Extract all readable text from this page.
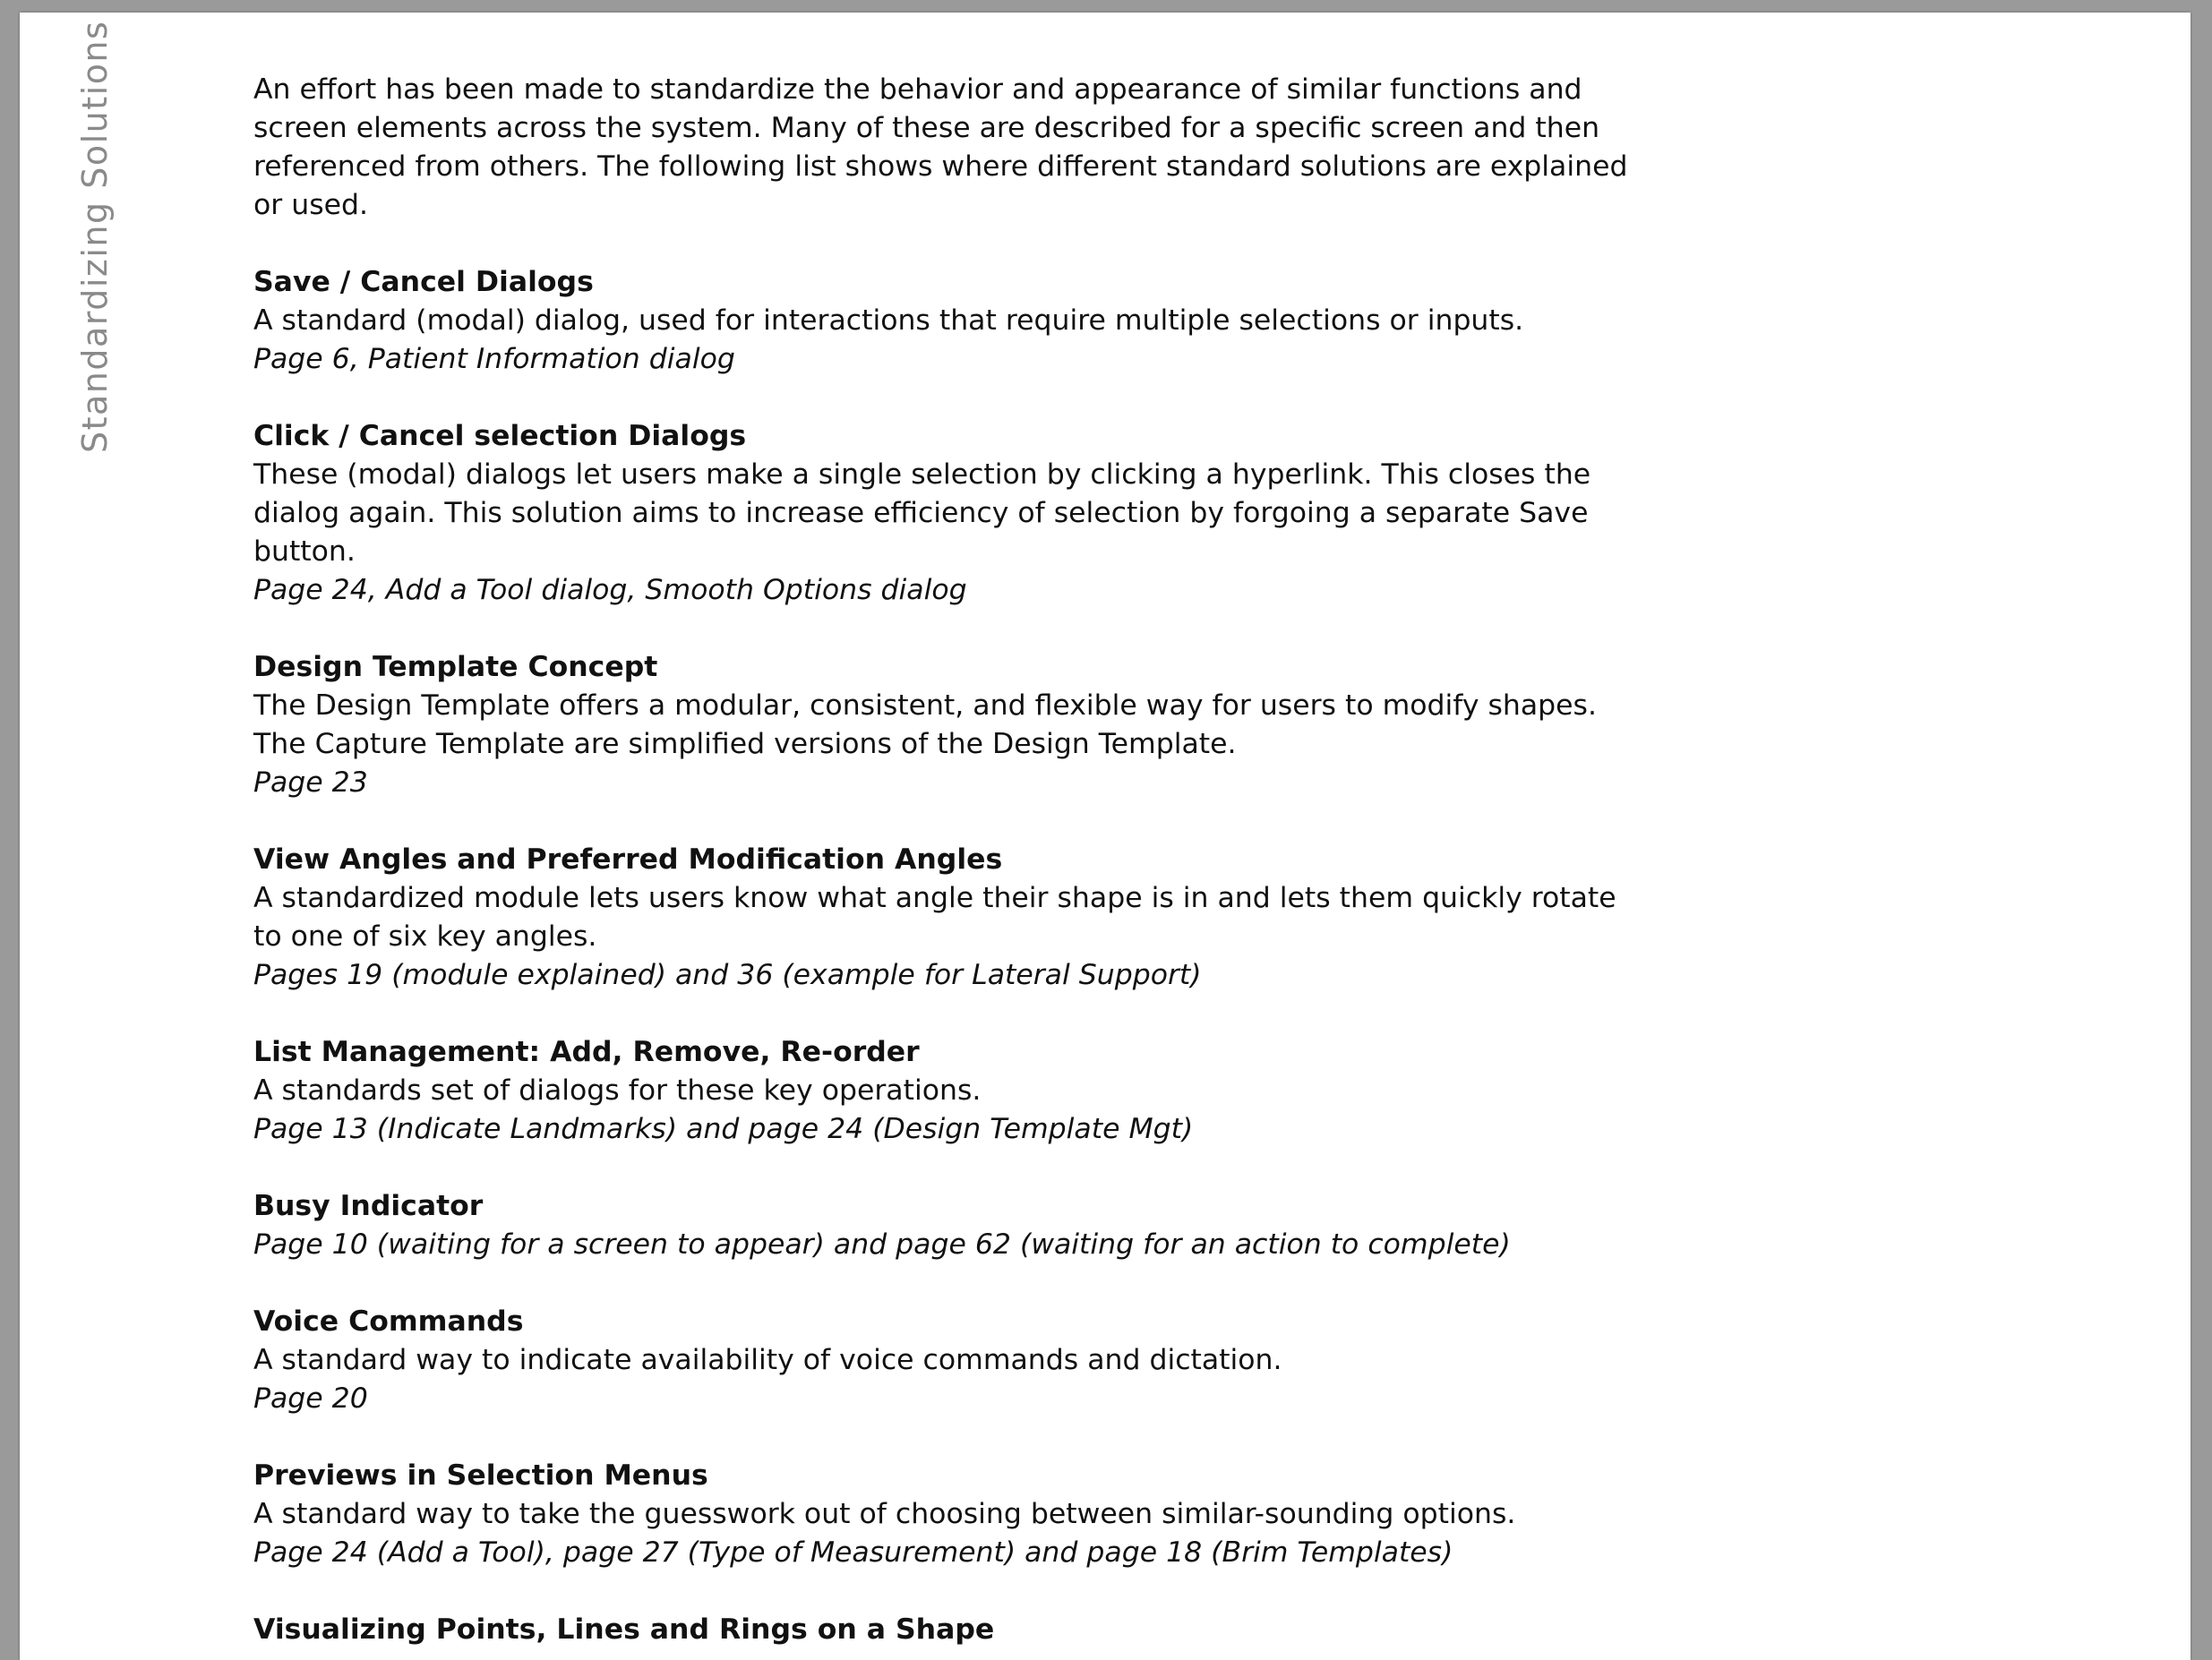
Standardizing Solutions	An effort has been made to standardize the behavior and appearance of similar functions and screen elements across the system. Many of these are described for a specific screen and then referenced from others. The following list shows where different standard solutions are explained or used.

Save / Cancel Dialogs
A standard (modal) dialog, used for interactions that require multiple selections or inputs.
Page 6, Patient Information dialog
Click / Cancel selection Dialogs
These (modal) dialogs let users make a single selection by clicking a hyperlink. This closes the dialog again. This solution aims to increase efficiency of selection by forgoing a separate Save button.
Page 24, Add a Tool dialog, Smooth Options dialog
Design Template Concept
The Design Template offers a modular, consistent, and flexible way for users to modify shapes. The Capture Template are simplified versions of the Design Template.
Page 23
View Angles and Preferred Modification Angles
A standardized module lets users know what angle their shape is in and lets them quickly rotate to one of six key angles.
Pages 19 (module explained) and 36 (example for Lateral Support)
List Management: Add, Remove, Re-order
A standards set of dialogs for these key operations.
Page 13 (Indicate Landmarks) and page 24 (Design Template Mgt)
Busy Indicator
Page 10 (waiting for a screen to appear) and page 62 (waiting for an action to complete)
Voice Commands
A standard way to indicate availability of voice commands and dictation.
Page 20
Previews in Selection Menus
A standard way to take the guesswork out of choosing between similar-sounding options.
Page 24 (Add a Tool), page 27 (Type of Measurement) and page 18 (Brim Templates)
Visualizing Points, Lines and Rings on a Shape
